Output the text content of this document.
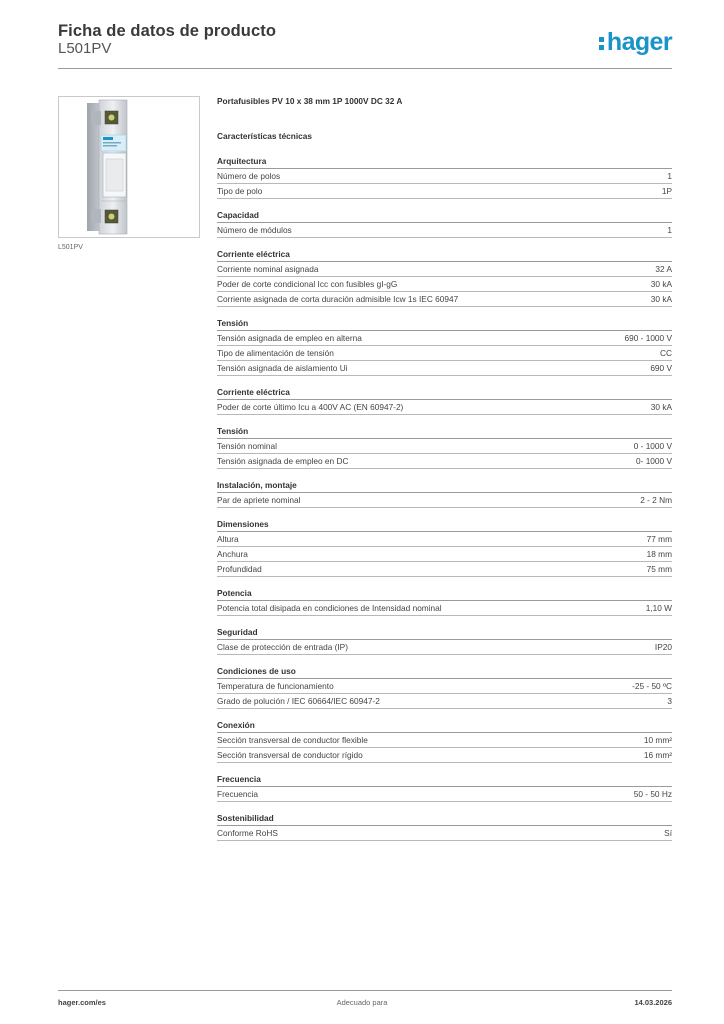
Ficha de datos de producto
L501PV	hager
L501PV
Portafusibles PV 10 x 38 mm 1P 1000V DC 32 A
Características técnicas
Arquitectura
Número de polos	1
Tipo de polo	1P
Capacidad
Número de módulos	1
Corriente eléctrica
Corriente nominal asignada	32 A
Poder de corte condicional Icc con fusibles gI-gG	30 kA
Corriente asignada de corta duración admisible Icw 1s IEC 60947	30 kA
Tensión
Tensión asignada de empleo en alterna	690 - 1000 V
Tipo de alimentación de tensión	CC
Tensión asignada de aislamiento Ui	690 V
Corriente eléctrica
Poder de corte último Icu a 400V AC (EN 60947-2)	30 kA
Tensión
Tensión nominal	0 - 1000 V
Tensión asignada de empleo en DC	0- 1000 V
Instalación, montaje
Par de apriete nominal	2 - 2 Nm
Dimensiones
Altura	77 mm
Anchura	18 mm
Profundidad	75 mm
Potencia
Potencia total disipada en condiciones de Intensidad nominal	1,10 W
Seguridad
Clase de protección de entrada (IP)	IP20
Condiciones de uso
Temperatura de funcionamiento	-25 - 50 ºC
Grado de polución / IEC 60664/IEC 60947-2	3
Conexión
Sección transversal de conductor flexible	10 mm²
Sección transversal de conductor rígido	16 mm²
Frecuencia
Frecuencia	50 - 50 Hz
Sostenibilidad
Conforme RoHS	Sí
hager.com/es	Adecuado para	14.03.2026
